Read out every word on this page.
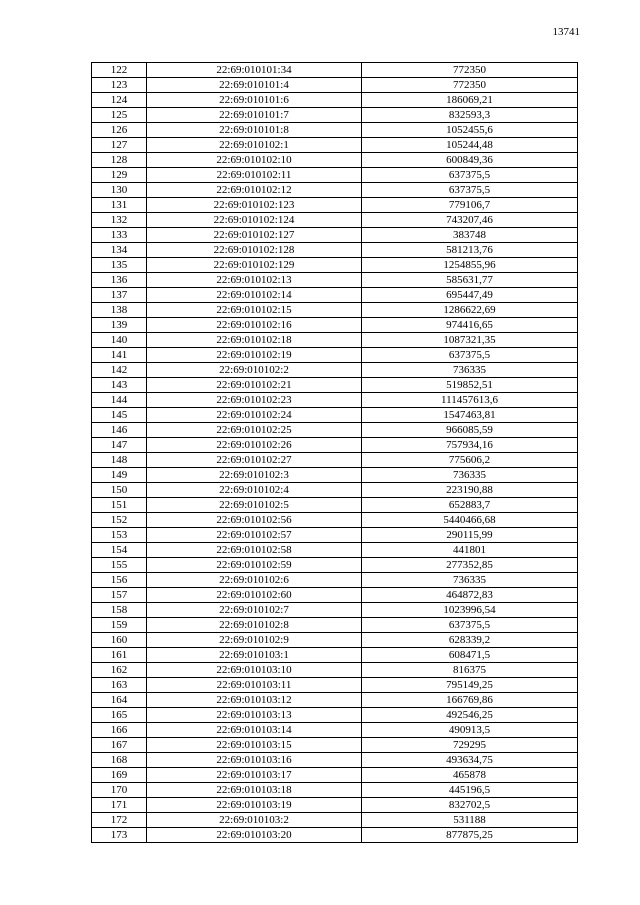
13741
122	22:69:010101:34	772350
123	22:69:010101:4	772350
124	22:69:010101:6	186069,21
125	22:69:010101:7	832593,3
126	22:69:010101:8	1052455,6
127	22:69:010102:1	105244,48
128	22:69:010102:10	600849,36
129	22:69:010102:11	637375,5
130	22:69:010102:12	637375,5
131	22:69:010102:123	779106,7
132	22:69:010102:124	743207,46
133	22:69:010102:127	383748
134	22:69:010102:128	581213,76
135	22:69:010102:129	1254855,96
136	22:69:010102:13	585631,77
137	22:69:010102:14	695447,49
138	22:69:010102:15	1286622,69
139	22:69:010102:16	974416,65
140	22:69:010102:18	1087321,35
141	22:69:010102:19	637375,5
142	22:69:010102:2	736335
143	22:69:010102:21	519852,51
144	22:69:010102:23	111457613,6
145	22:69:010102:24	1547463,81
146	22:69:010102:25	966085,59
147	22:69:010102:26	757934,16
148	22:69:010102:27	775606,2
149	22:69:010102:3	736335
150	22:69:010102:4	223190,88
151	22:69:010102:5	652883,7
152	22:69:010102:56	5440466,68
153	22:69:010102:57	290115,99
154	22:69:010102:58	441801
155	22:69:010102:59	277352,85
156	22:69:010102:6	736335
157	22:69:010102:60	464872,83
158	22:69:010102:7	1023996,54
159	22:69:010102:8	637375,5
160	22:69:010102:9	628339,2
161	22:69:010103:1	608471,5
162	22:69:010103:10	816375
163	22:69:010103:11	795149,25
164	22:69:010103:12	166769,86
165	22:69:010103:13	492546,25
166	22:69:010103:14	490913,5
167	22:69:010103:15	729295
168	22:69:010103:16	493634,75
169	22:69:010103:17	465878
170	22:69:010103:18	445196,5
171	22:69:010103:19	832702,5
172	22:69:010103:2	531188
173	22:69:010103:20	877875,25
